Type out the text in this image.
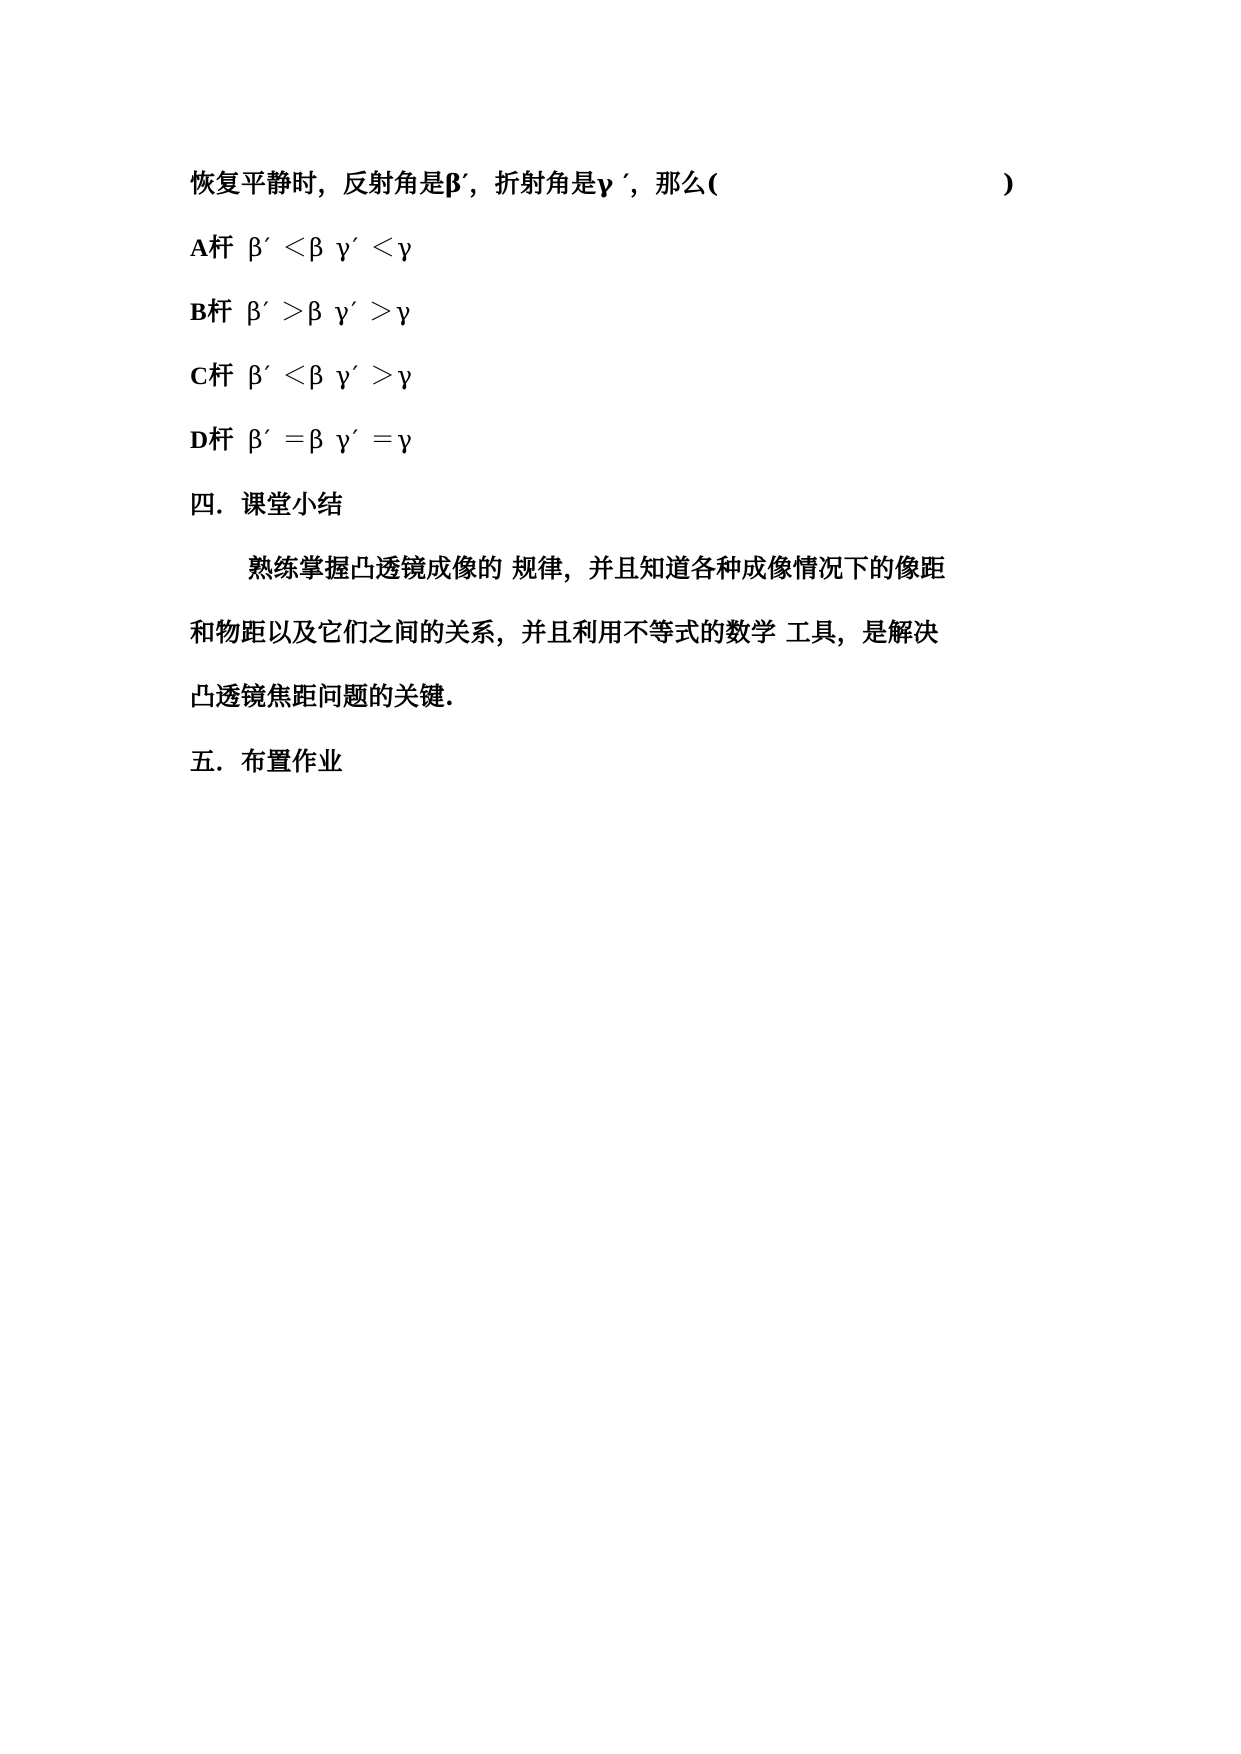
恢复平静时，反射角是β′，折射角是γ ′，那么(	)
A杆 β′ ＜β γ′ ＜γ
B杆 β′ ＞β γ′ ＞γ
C杆 β′ ＜β γ′ ＞γ
D杆 β′ ＝β γ′ ＝γ
四．课堂小结
熟练掌握凸透镜成像的 规律，并且知道各种成像情况下的像距
和物距以及它们之间的关系，并且利用不等式的数学 工具，是解决
凸透镜焦距问题的关键.
五．布置作业
